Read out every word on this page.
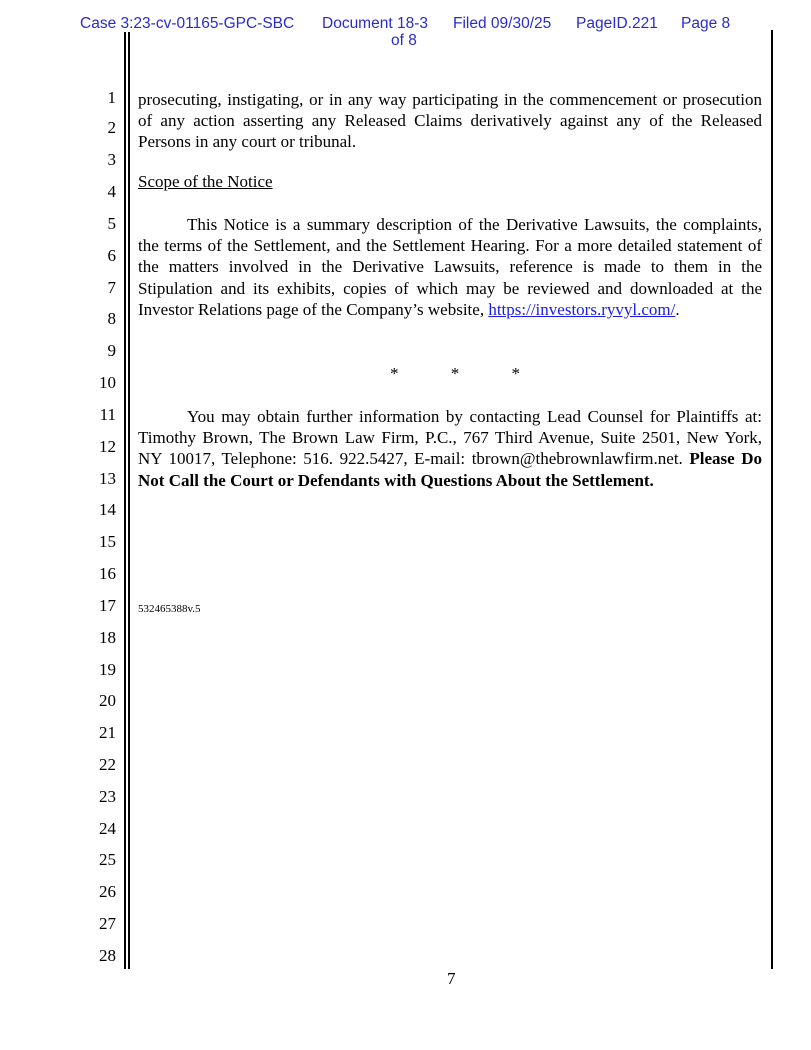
Case 3:23-cv-01165-GPC-SBC Document 18-3 Filed 09/30/25 PageID.221 Page 8
of 8
1
2
3
4
5
6
7
8
9
10
11
12
13
14
15
16
17
18
19
20
21
22
23
24
25
26
27
28
prosecuting, instigating, or in any way participating in the commencement or prosecution of any action asserting any Released Claims derivatively against any of the Released Persons in any court or tribunal.
Scope of the Notice
This Notice is a summary description of the Derivative Lawsuits, the complaints, the terms of the Settlement, and the Settlement Hearing. For a more detailed statement of the matters involved in the Derivative Lawsuits, reference is made to them in the Stipulation and its exhibits, copies of which may be reviewed and downloaded at the Investor Relations page of the Company’s website, https://investors.ryvyl.com/.
*	*	*
You may obtain further information by contacting Lead Counsel for Plaintiffs at: Timothy Brown, The Brown Law Firm, P.C., 767 Third Avenue, Suite 2501, New York, NY 10017, Telephone: 516. 922.5427, E-mail: tbrown@thebrownlawfirm.net. Please Do Not Call the Court or Defendants with Questions About the Settlement.
532465388v.5
7
